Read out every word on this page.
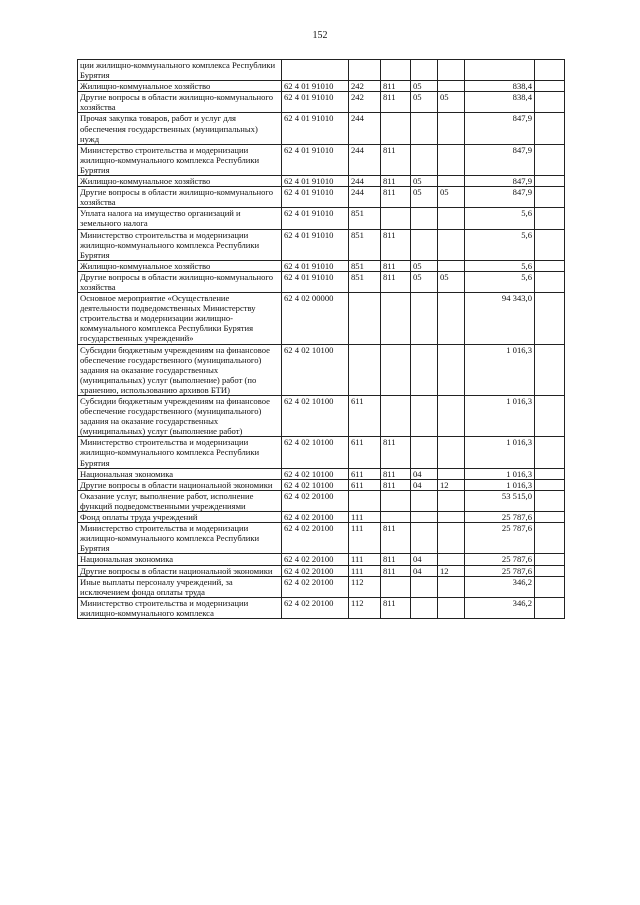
152
ции жилищно-коммунального комплекса Республики Бурятия							
Жилищно-коммунальное хозяйство	62 4 01 91010	242	811	05		838,4	
Другие вопросы в области жилищно-коммунального хозяйства	62 4 01 91010	242	811	05	05	838,4	
Прочая закупка товаров, работ и услуг для обеспечения государственных (муниципальных) нужд	62 4 01 91010	244				847,9	
Министерство строительства и модернизации жилищно-коммунального комплекса Республики Бурятия	62 4 01 91010	244	811			847,9	
Жилищно-коммунальное хозяйство	62 4 01 91010	244	811	05		847,9	
Другие вопросы в области жилищно-коммунального хозяйства	62 4 01 91010	244	811	05	05	847,9	
Уплата налога на имущество организаций и земельного налога	62 4 01 91010	851				5,6	
Министерство строительства и модернизации жилищно-коммунального комплекса Республики Бурятия	62 4 01 91010	851	811			5,6	
Жилищно-коммунальное хозяйство	62 4 01 91010	851	811	05		5,6	
Другие вопросы в области жилищно-коммунального хозяйства	62 4 01 91010	851	811	05	05	5,6	
Основное мероприятие «Осуществление деятельности подведомственных Министерству строительства и модернизации жилищно-коммунального комплекса Республики Бурятия государственных учреждений»	62 4 02 00000					94 343,0	
Субсидии бюджетным учреждениям на финансовое обеспечение государственного (муниципального) задания на оказание государственных (муниципальных) услуг (выполнение) работ (по хранению, использованию архивов БТИ)	62 4 02 10100					1 016,3	
Субсидии бюджетным учреждениям на финансовое обеспечение государственного (муниципального) задания на оказание государственных (муниципальных) услуг (выполнение работ)	62 4 02 10100	611				1 016,3	
Министерство строительства и модернизации жилищно-коммунального комплекса Республики Бурятия	62 4 02 10100	611	811			1 016,3	
Национальная экономика	62 4 02 10100	611	811	04		1 016,3	
Другие вопросы в области национальной экономики	62 4 02 10100	611	811	04	12	1 016,3	
Оказание услуг, выполнение работ, исполнение функций подведомственными учреждениями	62 4 02 20100					53 515,0	
Фонд оплаты труда учреждений	62 4 02 20100	111				25 787,6	
Министерство строительства и модернизации жилищно-коммунального комплекса Республики Бурятия	62 4 02 20100	111	811			25 787,6	
Национальная экономика	62 4 02 20100	111	811	04		25 787,6	
Другие вопросы в области национальной экономики	62 4 02 20100	111	811	04	12	25 787,6	
Иные выплаты персоналу учреждений, за исключением фонда оплаты труда	62 4 02 20100	112				346,2	
Министерство строительства и модернизации жилищно-коммунального комплекса	62 4 02 20100	112	811			346,2	
